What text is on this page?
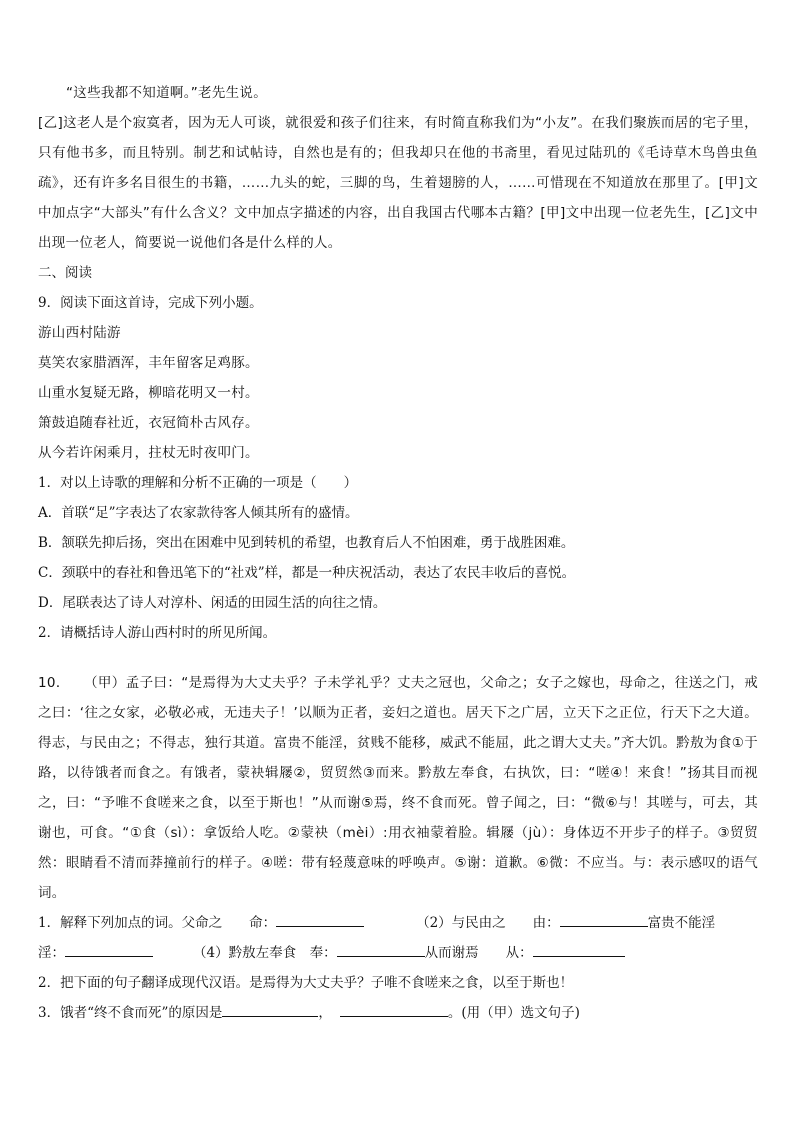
“这些我都不知道啊。”老先生说。

[乙]这老人是个寂寞者，因为无人可谈，就很爱和孩子们往来，有时简直称我们为“小友”。在我们聚族而居的宅子里，只有他书多，而且特别。制艺和试帖诗，自然也是有的；但我却只在他的书斋里，看见过陆玑的《毛诗草木鸟兽虫鱼疏》，还有许多名目很生的书籍，……九头的蛇，三脚的鸟，生着翅膀的人，……可惜现在不知道放在那里了。[甲]文中加点字“大部头”有什么含义？文中加点字描述的内容，出自我国古代哪本古籍？[甲]文中出现一位老先生，[乙]文中出现一位老人，简要说一说他们各是什么样的人。

二、阅读

9．阅读下面这首诗，完成下列小题。

游山西村陆游

莫笑农家腊酒浑，丰年留客足鸡豚。

山重水复疑无路，柳暗花明又一村。

箫鼓追随春社近，衣冠简朴古风存。

从今若许闲乘月，拄杖无时夜叩门。

1．对以上诗歌的理解和分析不正确的一项是（　　）

A．首联“足”字表达了农家款待客人倾其所有的盛情。

B．颔联先抑后扬，突出在困难中见到转机的希望，也教育后人不怕困难，勇于战胜困难。

C．颈联中的春社和鲁迅笔下的“社戏”样，都是一种庆祝活动，表达了农民丰收后的喜悦。

D．尾联表达了诗人对淳朴、闲适的田园生活的向往之情。

2．请概括诗人游山西村时的所见所闻。

10．　　（甲）孟子曰：“是焉得为大丈夫乎？子未学礼乎？丈夫之冠也，父命之；女子之嫁也，母命之，往送之门，戒之曰：‘往之女家，必敬必戒，无违夫子！’以顺为正者，妾妇之道也。居天下之广居，立天下之正位，行天下之大道。得志，与民由之；不得志，独行其道。富贵不能淫，贫贱不能移，威武不能屈，此之谓大丈夫。”齐大饥。黔敖为食①于路，以待饿者而食之。有饿者，蒙袂辑屦②，贸贸然③而来。黔敖左奉食，右执饮，曰：“嗟④！来食！”扬其目而视之，曰：“予唯不食嗟来之食，以至于斯也！”从而谢⑤焉，终不食而死。曾子闻之，曰：“微⑥与！其嗟与，可去，其谢也，可食。“①食（sì）：拿饭给人吃。②蒙袂（mèi）:用衣袖蒙着脸。辑屦（jù）：身体迈不开步子的样子。③贸贸然：眼睛看不清而莽撞前行的样子。④嗟：带有轻蔑意味的呼唤声。⑤谢：道歉。⑥微：不应当。与：表示感叹的语气词。

1．解释下列加点的词。父命之　　命：	（2）与民由之　　由：	富贵不能淫

淫：	（4）黔敖左奉食　奉：	从而谢焉　　从：

2．把下面的句子翻译成现代汉语。是焉得为大丈夫乎？子唯不食嗟来之食，以至于斯也！

3．饿者“终不食而死”的原因是	，	。(用（甲）选文句子)
